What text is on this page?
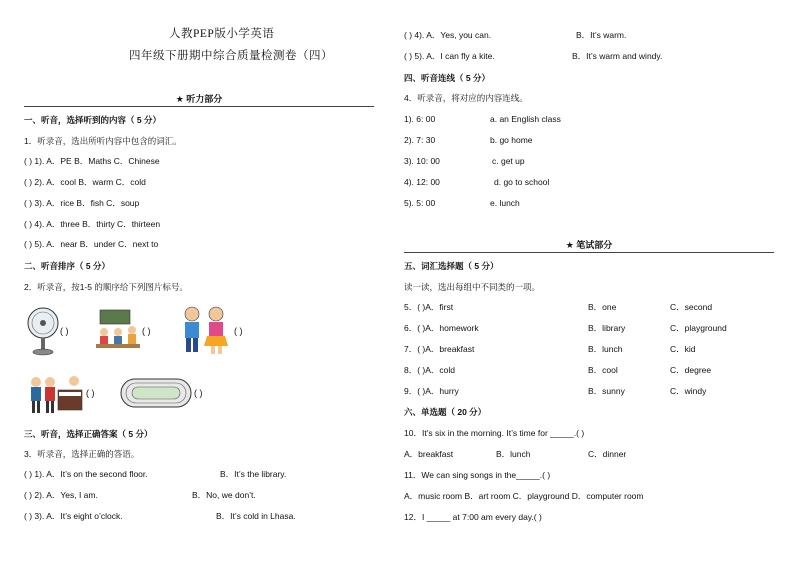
人教PEP版小学英语
四年级下册期中综合质量检测卷（四）
★ 听力部分
一、听音，选择听到的内容（ 5 分）
1．听录音，选出所听内容中包含的词汇。
( ) 1). A．PE B．Maths C．Chinese
( ) 2). A．cool B．warm C．cold
( ) 3). A．rice B．fish C．soup
( ) 4). A．three B．thirty C．thirteen
( ) 5). A．near B．under C．next to
二、听音排序（ 5 分）
2．听录音，按1-5 的顺序给下列图片标号。
( )	( )	( )
( )	( )
三、听音，选择正确答案（ 5 分）
3．听录音，选择正确的答语。
( ) 1). A．It’s on the second floor.	B．It’s the library.
( ) 2). A．Yes, I am.	B．No, we don’t.
( ) 3). A．It’s eight o’clock.	B．It’s cold in Lhasa.
( ) 4). A．Yes, you can.	B．It’s warm.
( ) 5). A．I can fly a kite.	B．It’s warm and windy.
四、听音连线（ 5 分）
4．听录音，将对应的内容连线。
1). 6: 00	a. an English class
2). 7: 30	b. go home
3). 10: 00	c. get up
4). 12: 00	d. go to school
5). 5: 00	e. lunch
★ 笔试部分
五、词汇选择题（ 5 分）
读一读，选出每组中不同类的一项。
5．( )A．first	B．one	C．second
6．( )A．homework	B．library	C．playground
7．( )A．breakfast	B．lunch	C．kid
8．( )A．cold	B．cool	C．degree
9．( )A．hurry	B．sunny	C．windy
六、单选题（ 20 分）
10．It’s six in the morning. It’s time for _____.( )
A．breakfast	B．lunch	C．dinner
11．We can sing songs in the_____.( )
A．music room B．art room C．playground D．computer room
12．I _____ at 7:00 am every day.( )
